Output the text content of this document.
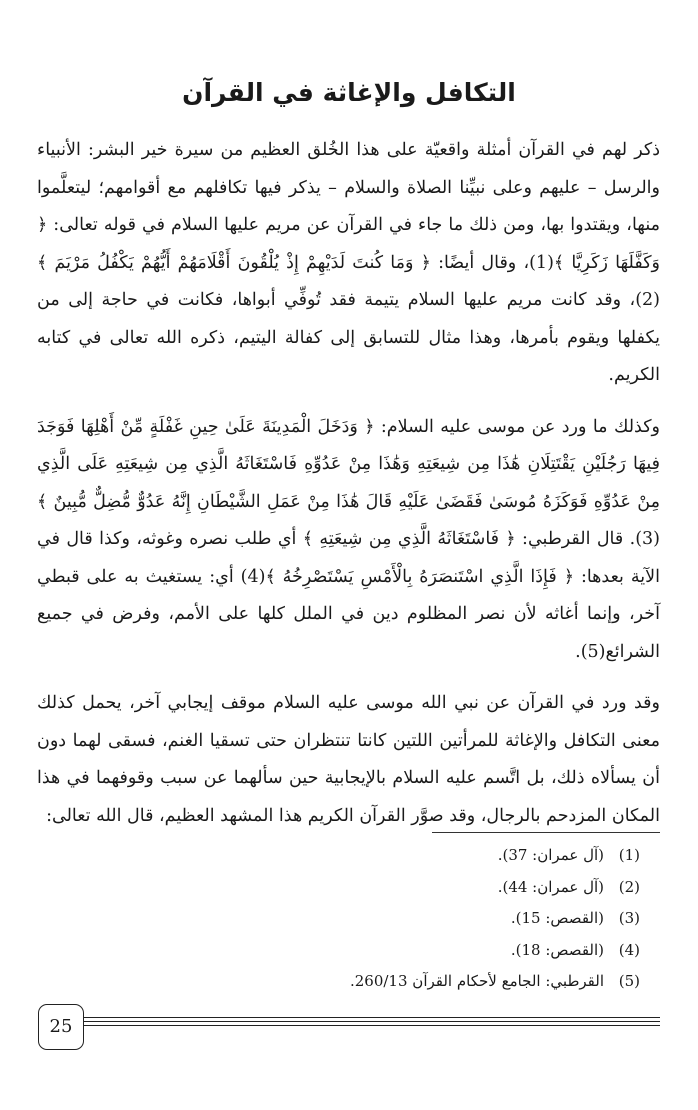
التكافل والإغاثة في القرآن

ذكر لهم في القرآن أمثلة واقعيّة على هذا الخُلق العظيم من سيرة خير البشر: الأنبياء والرسل – عليهم وعلى نبيِّنا الصلاة والسلام – يذكر فيها تكافلهم مع أقوامهم؛ ليتعلَّموا منها، ويقتدوا بها، ومن ذلك ما جاء في القرآن عن مريم عليها السلام في قوله تعالى: ﴿ وَكَفَّلَهَا زَكَرِيَّا ﴾(1)، وقال أيضًا: ﴿ وَمَا كُنتَ لَدَيْهِمْ إِذْ يُلْقُونَ أَقْلَامَهُمْ أَيُّهُمْ يَكْفُلُ مَرْيَمَ ﴾(2)، وقد كانت مريم عليها السلام يتيمة فقد تُوفِّي أبواها، فكانت في حاجة إلى من يكفلها ويقوم بأمرها، وهذا مثال للتسابق إلى كفالة اليتيم، ذكره الله تعالى في كتابه الكريم.

وكذلك ما ورد عن موسى عليه السلام: ﴿ وَدَخَلَ الْمَدِينَةَ عَلَىٰ حِينِ غَفْلَةٍ مِّنْ أَهْلِهَا فَوَجَدَ فِيهَا رَجُلَيْنِ يَقْتَتِلَانِ هَٰذَا مِن شِيعَتِهِ وَهَٰذَا مِنْ عَدُوِّهِ فَاسْتَغَاثَهُ الَّذِي مِن شِيعَتِهِ عَلَى الَّذِي مِنْ عَدُوِّهِ فَوَكَزَهُ مُوسَىٰ فَقَضَىٰ عَلَيْهِ قَالَ هَٰذَا مِنْ عَمَلِ الشَّيْطَانِ إِنَّهُ عَدُوٌّ مُّضِلٌّ مُّبِينٌ ﴾(3). قال القرطبي: ﴿ فَاسْتَغَاثَهُ الَّذِي مِن شِيعَتِهِ ﴾ أي طلب نصره وغوثه، وكذا قال في الآية بعدها: ﴿ فَإِذَا الَّذِي اسْتَنصَرَهُ بِالْأَمْسِ يَسْتَصْرِخُهُ ﴾(4) أي: يستغيث به على قبطي آخر، وإنما أغاثه لأن نصر المظلوم دين في الملل كلها على الأمم، وفرض في جميع الشرائع(5).

وقد ورد في القرآن عن نبي الله موسى عليه السلام موقف إيجابي آخر، يحمل كذلك معنى التكافل والإغاثة للمرأتين اللتين كانتا تنتظران حتى تسقيا الغنم، فسقى لهما دون أن يسألاه ذلك، بل اتَّسم عليه السلام بالإيجابية حين سألهما عن سبب وقوفهما في هذا المكان المزدحم بالرجال، وقد صوَّر القرآن الكريم هذا المشهد العظيم، قال الله تعالى:

(1)
(آل عمران: 37).
(2)
(آل عمران: 44).
(3)
(القصص: 15).
(4)
(القصص: 18).
(5)
القرطبي: الجامع لأحكام القرآن 260/13.
25
